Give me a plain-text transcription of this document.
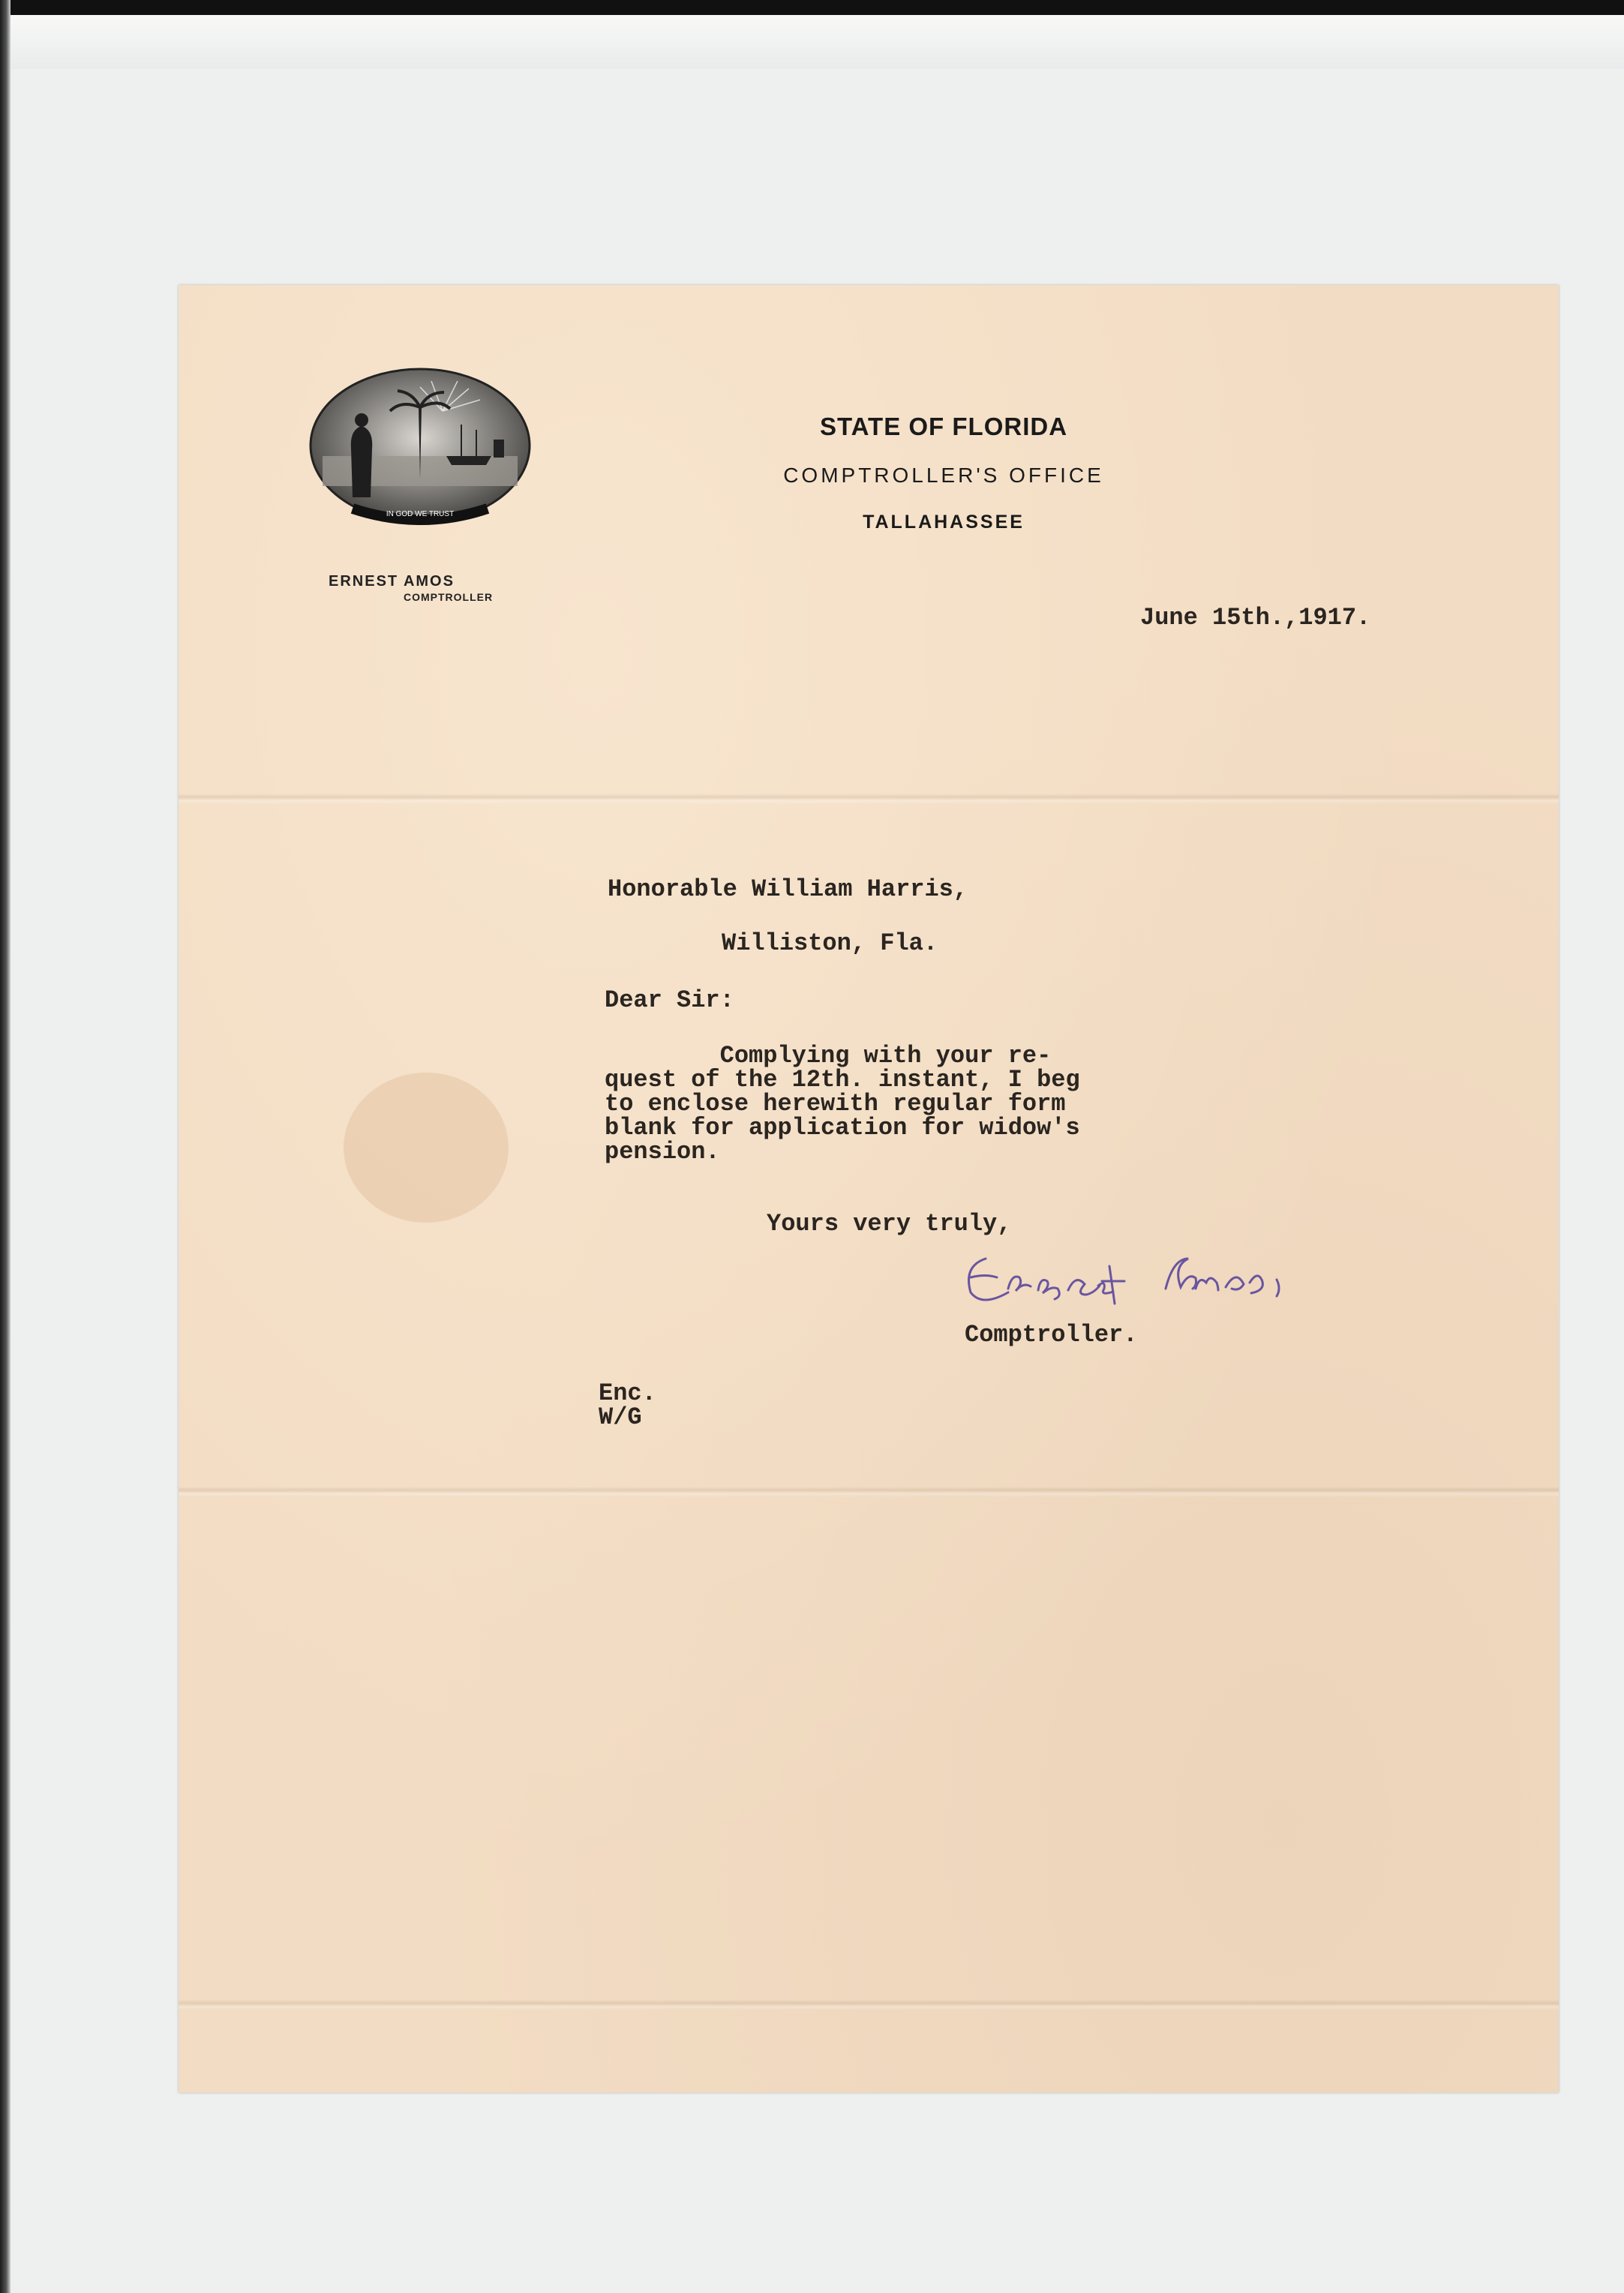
IN GOD WE TRUST
ERNEST AMOS
COMPTROLLER
STATE OF FLORIDA
COMPTROLLER'S OFFICE
TALLAHASSEE
June 15th.,1917.
Honorable William Harris,
Williston, Fla.
Dear Sir:
Complying with your re-
quest of the 12th. instant, I beg
to enclose herewith regular form
blank for application for widow's
pension.
Yours very truly,
Comptroller.
Enc.
W/G
